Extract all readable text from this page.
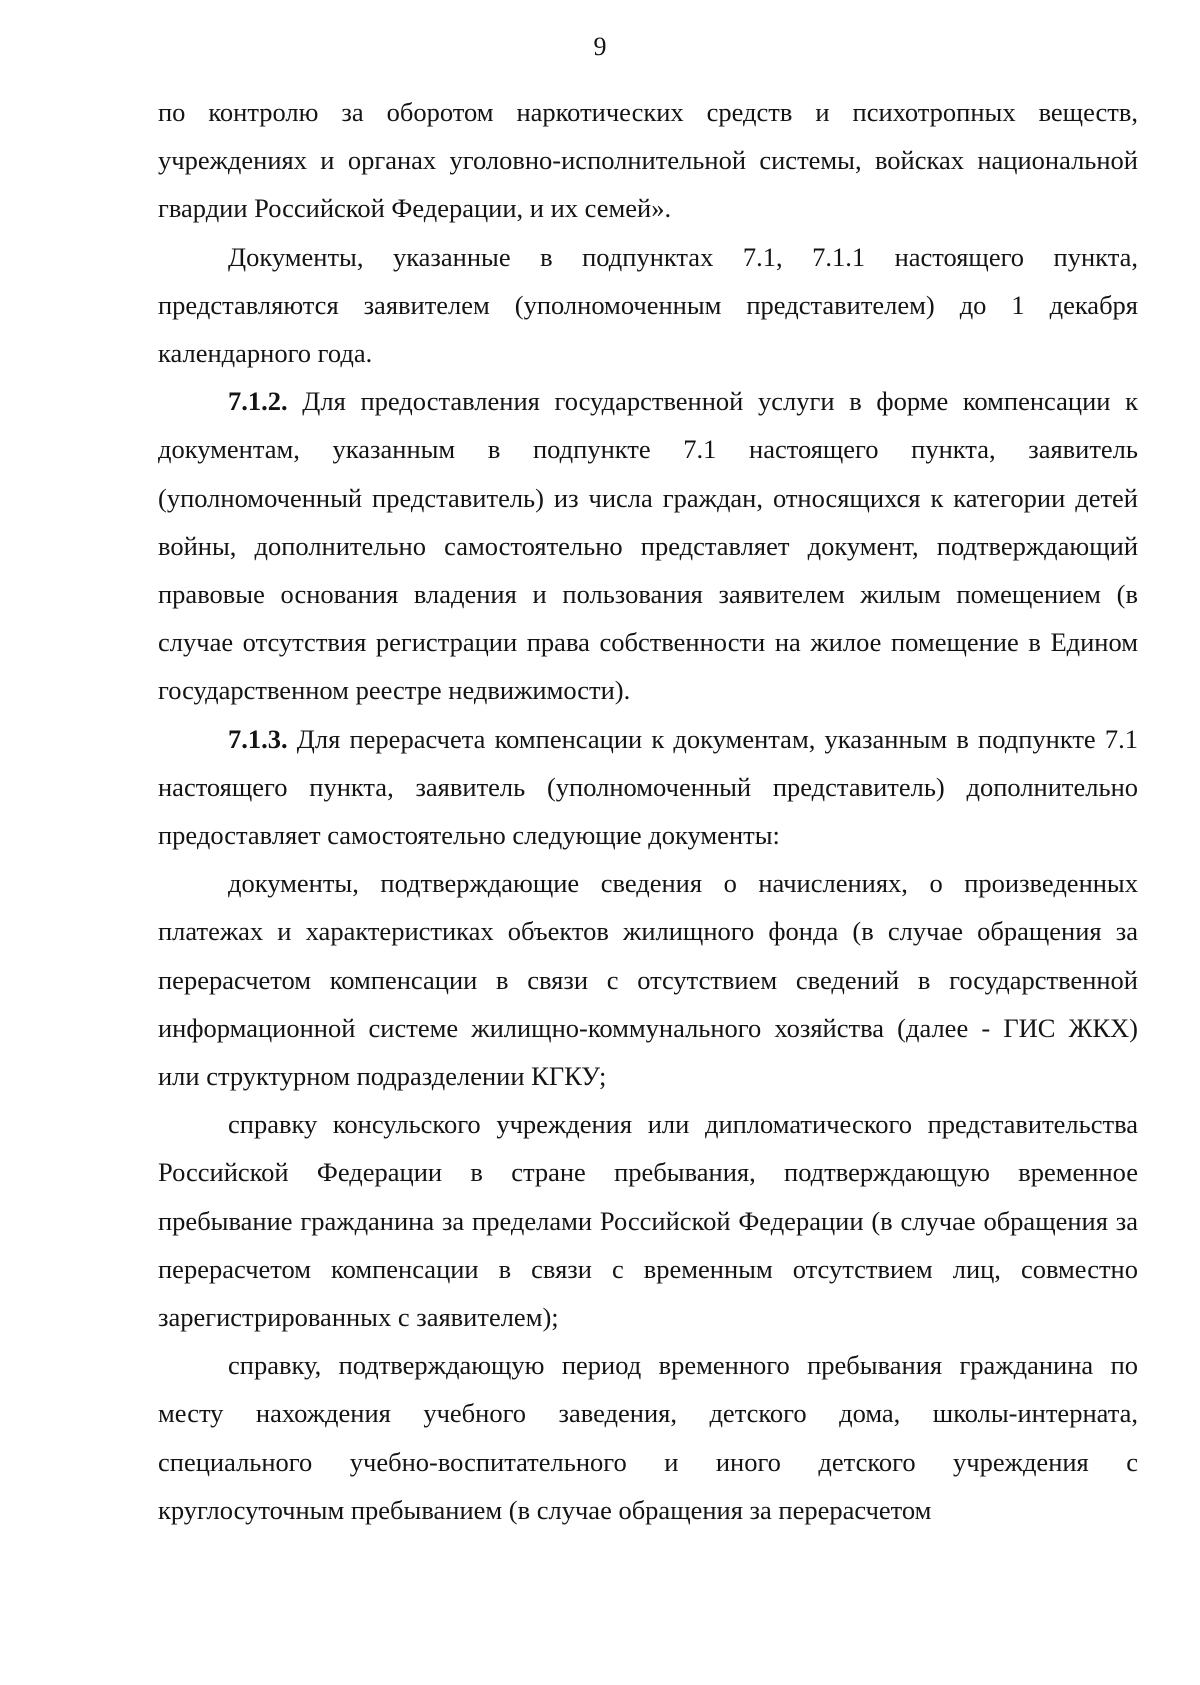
9

по контролю за оборотом наркотических средств и психотропных веществ, учреждениях и органах уголовно-исполнительной системы, войсках национальной гвардии Российской Федерации, и их семей».

Документы, указанные в подпунктах 7.1, 7.1.1 настоящего пункта, представляются заявителем (уполномоченным представителем) до 1 декабря календарного года.

7.1.2. Для предоставления государственной услуги в форме компенсации к документам, указанным в подпункте 7.1 настоящего пункта, заявитель (уполномоченный представитель) из числа граждан, относящихся к категории детей войны, дополнительно самостоятельно представляет документ, подтверждающий правовые основания владения и пользования заявителем жилым помещением (в случае отсутствия регистрации права собственности на жилое помещение в Едином государственном реестре недвижимости).

7.1.3. Для перерасчета компенсации к документам, указанным в подпункте 7.1 настоящего пункта, заявитель (уполномоченный представитель) дополнительно предоставляет самостоятельно следующие документы:

документы, подтверждающие сведения о начислениях, о произведенных платежах и характеристиках объектов жилищного фонда (в случае обращения за перерасчетом компенсации в связи с отсутствием сведений в государственной информационной системе жилищно-коммунального хозяйства (далее - ГИС ЖКХ) или структурном подразделении КГКУ;

справку консульского учреждения или дипломатического представительства Российской Федерации в стране пребывания, подтверждающую временное пребывание гражданина за пределами Российской Федерации (в случае обращения за перерасчетом компенсации в связи с временным отсутствием лиц, совместно зарегистрированных с заявителем);

справку, подтверждающую период временного пребывания гражданина по месту нахождения учебного заведения, детского дома, школы-интерната, специального учебно-воспитательного и иного детского учреждения с круглосуточным пребыванием (в случае обращения за перерасчетом
